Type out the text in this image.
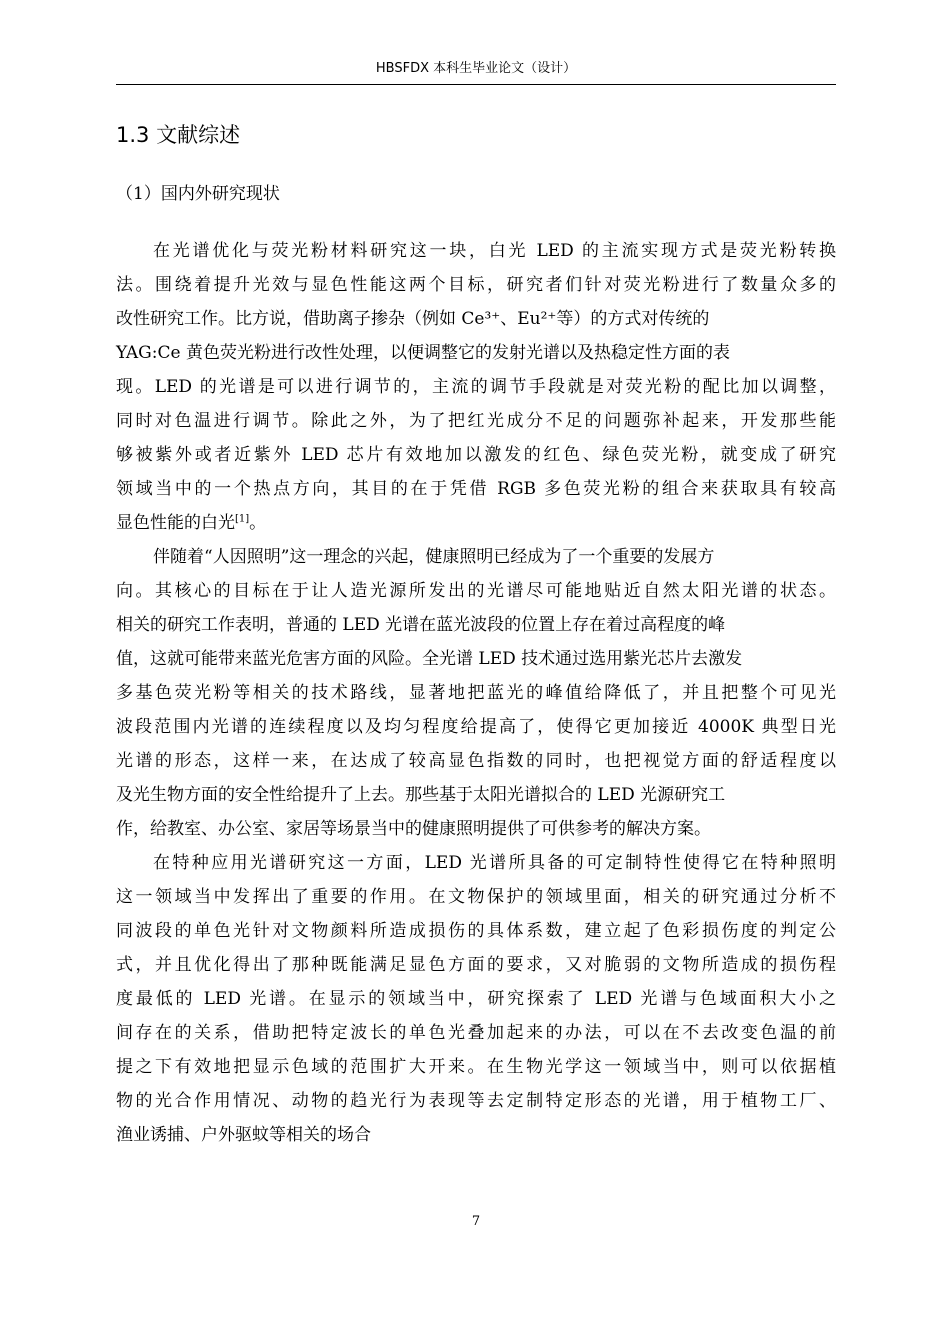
HBSFDX 本科生毕业论文（设计）
1.3 文献综述
（1）国内外研究现状
在光谱优化与荧光粉材料研究这一块，白光 LED 的主流实现方式是荧光粉转换
法。围绕着提升光效与显色性能这两个目标，研究者们针对荧光粉进行了数量众多的
改性研究工作。比方说，借助离子掺杂（例如 Ce³⁺、Eu²⁺等）的方式对传统的
YAG:Ce 黄色荧光粉进行改性处理，以便调整它的发射光谱以及热稳定性方面的表
现。LED 的光谱是可以进行调节的，主流的调节手段就是对荧光粉的配比加以调整，
同时对色温进行调节。除此之外，为了把红光成分不足的问题弥补起来，开发那些能
够被紫外或者近紫外 LED 芯片有效地加以激发的红色、绿色荧光粉，就变成了研究
领域当中的一个热点方向，其目的在于凭借 RGB 多色荧光粉的组合来获取具有较高
显色性能的白光[1]。
伴随着“人因照明”这一理念的兴起，健康照明已经成为了一个重要的发展方
向。其核心的目标在于让人造光源所发出的光谱尽可能地贴近自然太阳光谱的状态。
相关的研究工作表明，普通的 LED 光谱在蓝光波段的位置上存在着过高程度的峰
值，这就可能带来蓝光危害方面的风险。全光谱 LED 技术通过选用紫光芯片去激发
多基色荧光粉等相关的技术路线，显著地把蓝光的峰值给降低了，并且把整个可见光
波段范围内光谱的连续程度以及均匀程度给提高了，使得它更加接近 4000K 典型日光
光谱的形态，这样一来，在达成了较高显色指数的同时，也把视觉方面的舒适程度以
及光生物方面的安全性给提升了上去。那些基于太阳光谱拟合的 LED 光源研究工
作，给教室、办公室、家居等场景当中的健康照明提供了可供参考的解决方案。
在特种应用光谱研究这一方面，LED 光谱所具备的可定制特性使得它在特种照明
这一领域当中发挥出了重要的作用。在文物保护的领域里面，相关的研究通过分析不
同波段的单色光针对文物颜料所造成损伤的具体系数，建立起了色彩损伤度的判定公
式，并且优化得出了那种既能满足显色方面的要求，又对脆弱的文物所造成的损伤程
度最低的 LED 光谱。在显示的领域当中，研究探索了 LED 光谱与色域面积大小之
间存在的关系，借助把特定波长的单色光叠加起来的办法，可以在不去改变色温的前
提之下有效地把显示色域的范围扩大开来。在生物光学这一领域当中，则可以依据植
物的光合作用情况、动物的趋光行为表现等去定制特定形态的光谱，用于植物工厂、
渔业诱捕、户外驱蚊等相关的场合
7
